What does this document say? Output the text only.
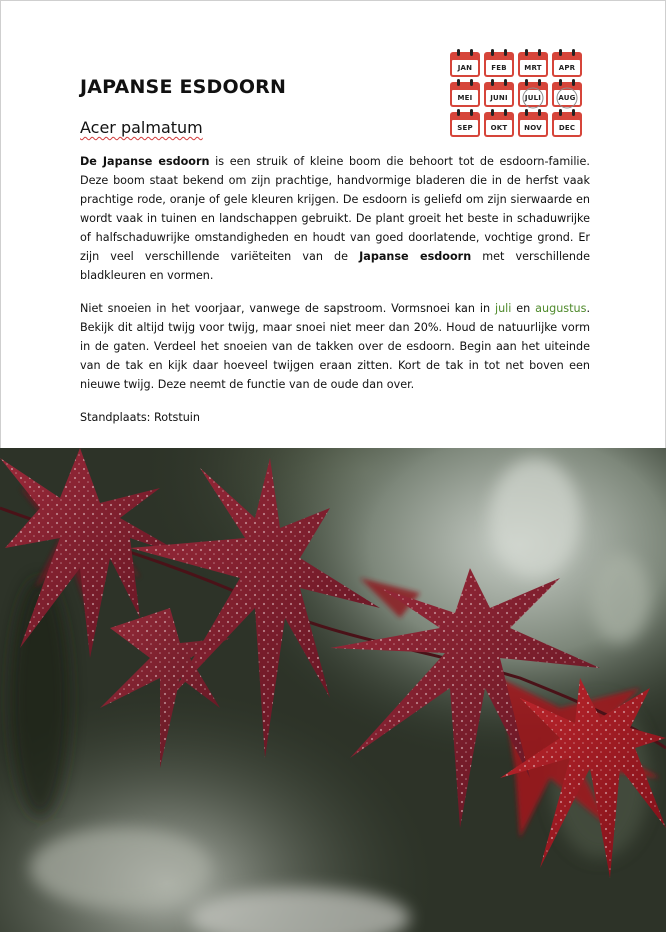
JAPANSE ESDOORN
Acer palmatum
JAN	FEB	MRT	APR
MEI	JUNI	JULI	AUG
SEP	OKT	NOV	DEC

De Japanse esdoorn is een struik of kleine boom die behoort tot de esdoorn-familie. Deze boom staat bekend om zijn prachtige, handvormige bladeren die in de herfst vaak prachtige rode, oranje of gele kleuren krijgen. De esdoorn is geliefd om zijn sierwaarde en wordt vaak in tuinen en landschappen gebruikt. De plant groeit het beste in schaduwrijke of halfschaduwrijke omstandigheden en houdt van goed doorlatende, vochtige grond. Er zijn veel verschillende variëteiten van de Japanse esdoorn met verschillende bladkleuren en vormen.

Niet snoeien in het voorjaar, vanwege de sapstroom. Vormsnoei kan in juli en augustus. Bekijk dit altijd twijg voor twijg, maar snoei niet meer dan 20%. Houd de natuurlijke vorm in de gaten. Verdeel het snoeien van de takken over de esdoorn. Begin aan het uiteinde van de tak en kijk daar hoeveel twijgen eraan zitten. Kort de tak in tot net boven een nieuwe twijg. Deze neemt de functie van de oude dan over.

Standplaats: Rotstuin
